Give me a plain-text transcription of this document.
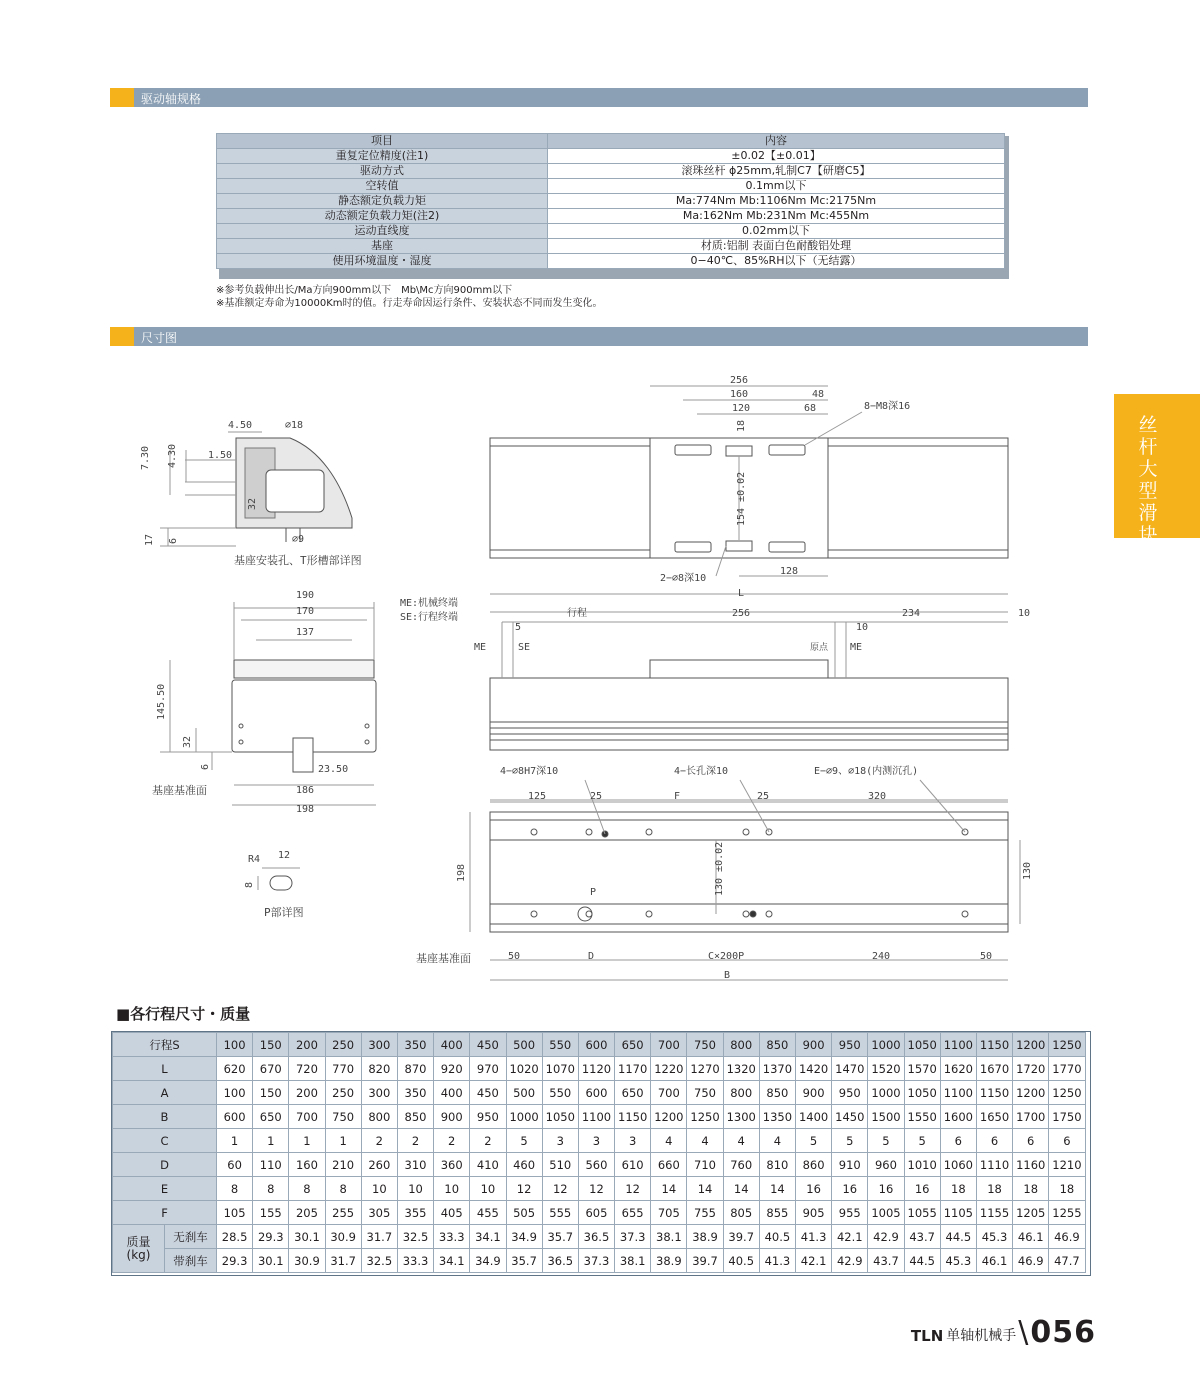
驱动轴规格
项目	内容
重复定位精度(注1)	±0.02【±0.01】
驱动方式	滚珠丝杆 ϕ25mm,轧制C7【研磨C5】
空转值	0.1mm以下
静态额定负载力矩	Ma:774Nm Mb:1106Nm Mc:2175Nm
动态额定负载力矩(注2)	Ma:162Nm Mb:231Nm Mc:455Nm
运动直线度	0.02mm以下
基座	材质:铝制 表面白色耐酸铝处理
使用环境温度・湿度	0−40℃、85%RH以下（无结露）
※参考负载伸出长/Ma方向900mm以下　Mb\Mc方向900mm以下
※基准额定寿命为10000Km时的值。行走寿命因运行条件、安装状态不同而发生变化。
尺寸图
丝杆大型滑块
4.50	∅18
7.30 4.30	1.50
32
17 6	∅9
基座安装孔、T形槽部详图
190
170
137
145.50
32
6	23.50
基座基准面	186
198
R4 12
8
P部详图
256
160	48
120	68	8−M8深16
18
154 ±0.02
2−∅8深10
128
L
ME:机械终端
SE:行程终端	行程	256	234	10
5
ME	SE
10
原点 ME
4−∅8H7深10	4−长孔深10	E−∅9、∅18(内测沉孔)
125	25	F	25	320
198	130 ±0.02	130
P
基座基准面	50	D	C×200P	240	50
B
■各行程尺寸・质量
行程S		100	150	200	250	300	350	400	450	500	550	600	650	700	750	800	850	900	950	1000	1050	1100	1150	1200	1250
L		620	670	720	770	820	870	920	970	1020	1070	1120	1170	1220	1270	1320	1370	1420	1470	1520	1570	1620	1670	1720	1770
A		100	150	200	250	300	350	400	450	500	550	600	650	700	750	800	850	900	950	1000	1050	1100	1150	1200	1250
B		600	650	700	750	800	850	900	950	1000	1050	1100	1150	1200	1250	1300	1350	1400	1450	1500	1550	1600	1650	1700	1750
C		1	1	1	1	2	2	2	2	5	3	3	3	4	4	4	4	5	5	5	5	6	6	6	6
D		60	110	160	210	260	310	360	410	460	510	560	610	660	710	760	810	860	910	960	1010	1060	1110	1160	1210
E		8	8	8	8	10	10	10	10	12	12	12	12	14	14	14	14	16	16	16	16	18	18	18	18
F		105	155	205	255	305	355	405	455	505	555	605	655	705	755	805	855	905	955	1005	1055	1105	1155	1205	1255

质量
(kg)	无刹车	28.5	29.3	30.1	30.9	31.7	32.5	33.3	34.1	34.9	35.7	36.5	37.3	38.1	38.9	39.7	40.5	41.3	42.1	42.9	43.7	44.5	45.3	46.1	46.9
	带刹车	29.3	30.1	30.9	31.7	32.5	33.3	34.1	34.9	35.7	36.5	37.3	38.1	38.9	39.7	40.5	41.3	42.1	42.9	43.7	44.5	45.3	46.1	46.9	47.7
TLN 单轴机械手 \ 056
